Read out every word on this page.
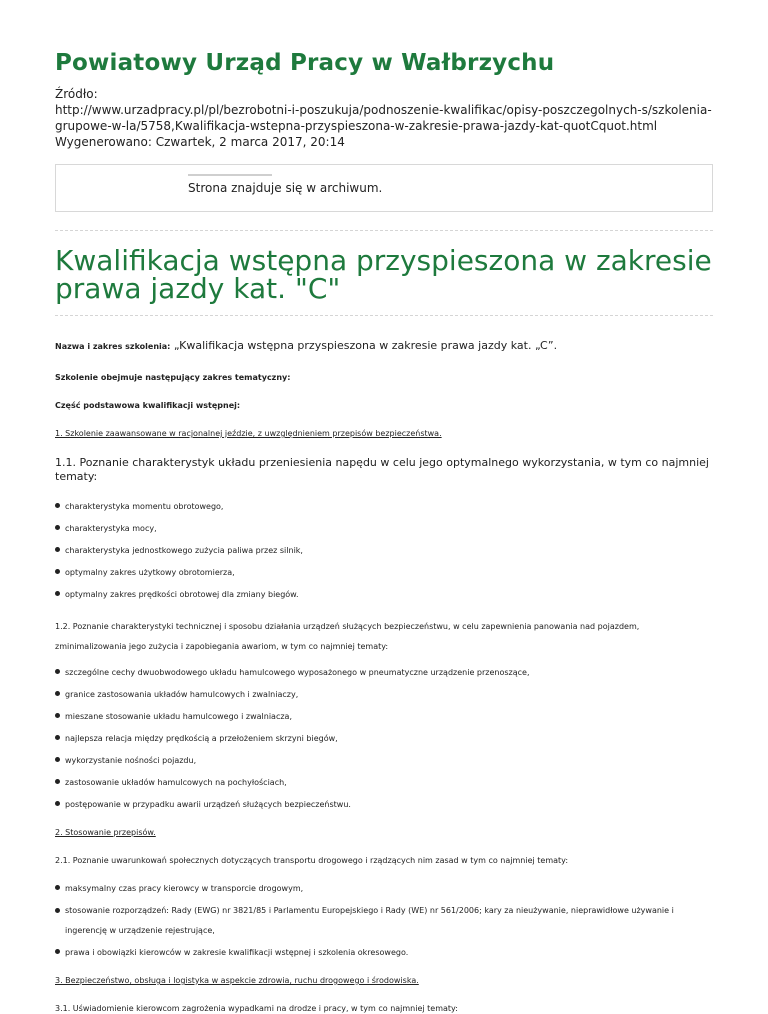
Powiatowy Urząd Pracy w Wałbrzychu
Źródło:
http://www.urzadpracy.pl/pl/bezrobotni-i-poszukuja/podnoszenie-kwalifikac/opisy-poszczegolnych-s/szkolenia-grupowe-w-la/5758,Kwalifikacja-wstepna-przyspieszona-w-zakresie-prawa-jazdy-kat-quotCquot.html
Wygenerowano: Czwartek, 2 marca 2017, 20:14
Strona znajduje się w archiwum.
Kwalifikacja wstępna przyspieszona w zakresie prawa jazdy kat. "C"
Nazwa i zakres szkolenia: „Kwalifikacja wstępna przyspieszona w zakresie prawa jazdy kat. „C”.

Szkolenie obejmuje następujący zakres tematyczny:

Część podstawowa kwalifikacji wstępnej:

1. Szkolenie zaawansowane w racjonalnej jeździe, z uwzględnieniem przepisów bezpieczeństwa.

1.1. Poznanie charakterystyk układu przeniesienia napędu w celu jego optymalnego wykorzystania, w tym co najmniej tematy:

charakterystyka momentu obrotowego,
charakterystyka mocy,
charakterystyka jednostkowego zużycia paliwa przez silnik,
optymalny zakres użytkowy obrotomierza,
optymalny zakres prędkości obrotowej dla zmiany biegów.

1.2. Poznanie charakterystyki technicznej i sposobu działania urządzeń służących bezpieczeństwu, w celu zapewnienia panowania nad pojazdem, zminimalizowania jego zużycia i zapobiegania awariom, w tym co najmniej tematy:

szczególne cechy dwuobwodowego układu hamulcowego wyposażonego w pneumatyczne urządzenie przenoszące,
granice zastosowania układów hamulcowych i zwalniaczy,
mieszane stosowanie układu hamulcowego i zwalniacza,
najlepsza relacja między prędkością a przełożeniem skrzyni biegów,
wykorzystanie nośności pojazdu,
zastosowanie układów hamulcowych na pochyłościach,
postępowanie w przypadku awarii urządzeń służących bezpieczeństwu.

2. Stosowanie przepisów.

2.1. Poznanie uwarunkowań społecznych dotyczących transportu drogowego i rządzących nim zasad w tym co najmniej tematy:

maksymalny czas pracy kierowcy w transporcie drogowym,
stosowanie rozporządzeń: Rady (EWG) nr 3821/85 i Parlamentu Europejskiego i Rady (WE) nr 561/2006; kary za nieużywanie, nieprawidłowe używanie i ingerencję w urządzenie rejestrujące,
prawa i obowiązki kierowców w zakresie kwalifikacji wstępnej i szkolenia okresowego.

3. Bezpieczeństwo, obsługa i logistyka w aspekcie zdrowia, ruchu drogowego i środowiska.

3.1. Uświadomienie kierowcom zagrożenia wypadkami na drodze i pracy, w tym co najmniej tematy:
